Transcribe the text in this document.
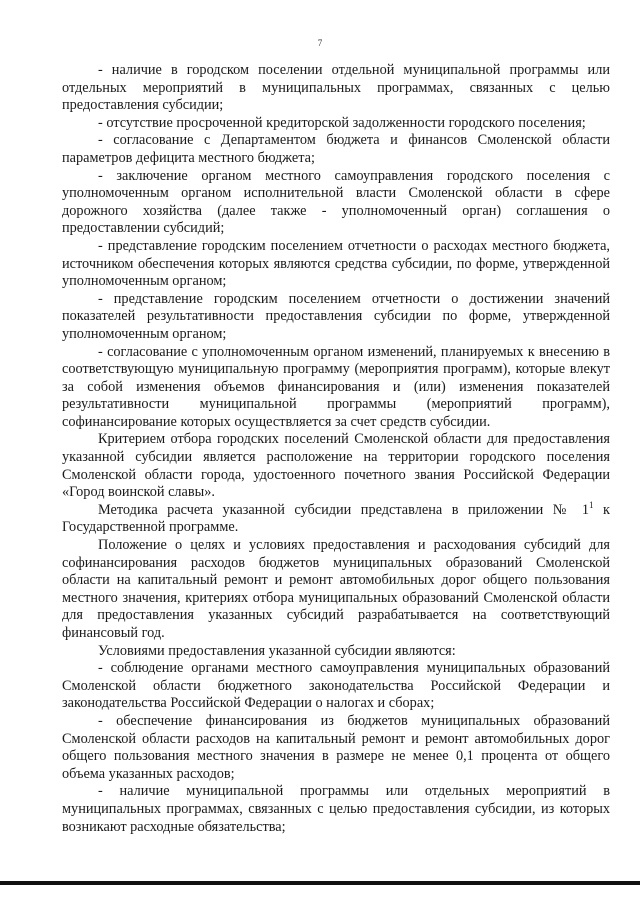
7

- наличие в городском поселении отдельной муниципальной программы или отдельных мероприятий в муниципальных программах, связанных с целью предоставления субсидии;

- отсутствие просроченной кредиторской задолженности городского поселения;

- согласование с Департаментом бюджета и финансов Смоленской области параметров дефицита местного бюджета;

- заключение органом местного самоуправления городского поселения с уполномоченным органом исполнительной власти Смоленской области в сфере дорожного хозяйства (далее также - уполномоченный орган) соглашения о предоставлении субсидий;

- представление городским поселением отчетности о расходах местного бюджета, источником обеспечения которых являются средства субсидии, по форме, утвержденной уполномоченным органом;

- представление городским поселением отчетности о достижении значений показателей результативности предоставления субсидии по форме, утвержденной уполномоченным органом;

- согласование с уполномоченным органом изменений, планируемых к внесению в соответствующую муниципальную программу (мероприятия программ), которые влекут за собой изменения объемов финансирования и (или) изменения показателей результативности муниципальной программы (мероприятий программ), софинансирование которых осуществляется за счет средств субсидии.

Критерием отбора городских поселений Смоленской области для предоставления указанной субсидии является расположение на территории городского поселения Смоленской области города, удостоенного почетного звания Российской Федерации «Город воинской славы».

Методика расчета указанной субсидии представлена в приложении № $1^1$ к Государственной программе.

Положение о целях и условиях предоставления и расходования субсидий для софинансирования расходов бюджетов муниципальных образований Смоленской области на капитальный ремонт и ремонт автомобильных дорог общего пользования местного значения, критериях отбора муниципальных образований Смоленской области для предоставления указанных субсидий разрабатывается на соответствующий финансовый год.

Условиями предоставления указанной субсидии являются:

- соблюдение органами местного самоуправления муниципальных образований Смоленской области бюджетного законодательства Российской Федерации и законодательства Российской Федерации о налогах и сборах;

- обеспечение финансирования из бюджетов муниципальных образований Смоленской области расходов на капитальный ремонт и ремонт автомобильных дорог общего пользования местного значения в размере не менее 0,1 процента от общего объема указанных расходов;

- наличие муниципальной программы или отдельных мероприятий в муниципальных программах, связанных с целью предоставления субсидии, из которых возникают расходные обязательства;
